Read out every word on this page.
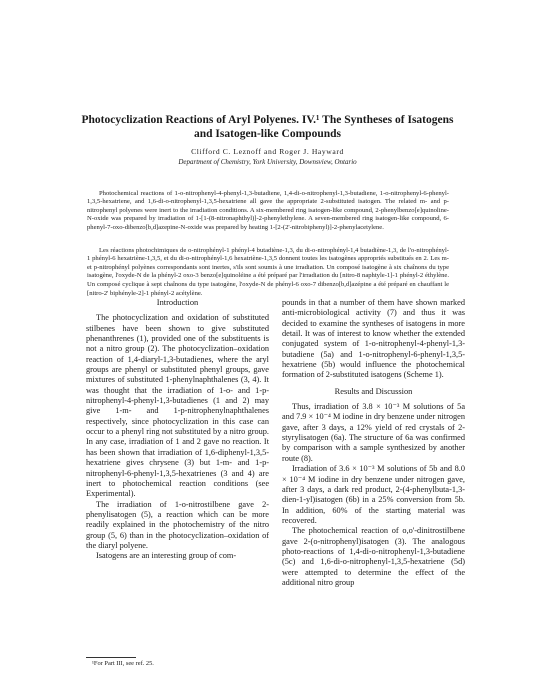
Photocyclization Reactions of Aryl Polyenes. IV.¹ The Syntheses of Isatogens
and Isatogen-like Compounds
Clifford C. Leznoff and Roger J. Hayward
Department of Chemistry, York University, Downsview, Ontario

Photochemical reactions of 1-o-nitrophenyl-4-phenyl-1,3-butadiene, 1,4-di-o-nitrophenyl-1,3-butadiene, 1-o-nitrophenyl-6-phenyl-1,3,5-hexatriene, and 1,6-di-o-nitrophenyl-1,3,5-hexatriene all gave the appropriate 2-substituted isatogen. The related m- and p-nitrophenyl polyenes were inert to the irradiation conditions. A six-membered ring isatogen-like compound, 2-phenylbenzo[e]quinoline-N-oxide was prepared by irradiation of 1-[1-(8-nitronaphthyl)]-2-phenylethylene. A seven-membered ring isatogen-like compound, 6-phenyl-7-oxo-dibenzo[b,d]azepine-N-oxide was prepared by heating 1-[2-(2'-nitrobiphenyl)]-2-phenylacetylene.

Les réactions photochimiques de o-nitrophényl-1 phényl-4 butadiène-1,3, du di-o-nitrophényl-1,4 butadiène-1,3, de l'o-nitrophényl-1 phényl-6 hexatriène-1,3,5, et du di-o-nitrophényl-1,6 hexatriène-1,3,5 donnent toutes les isatogènes appropriés substitués en 2. Les m- et p-nitrophényl polyènes correspondants sont inertes, s'ils sont soumis à une irradiation. Un composé isatogène à six chaînons du type isatogène, l'oxyde-N de la phényl-2 oxo-3 benzo[e]quinoléine a été préparé par l'irradiation du [nitro-8 naphtyle-1]-1 phényl-2 éthylène. Un composé cyclique à sept chaînons du type isatogène, l'oxyde-N de phényl-6 oxo-7 dibenzo[b,d]azépine a été préparé en chauffant le [nitro-2' biphényle-2]-1 phényl-2 acétylène.

Introduction

The photocyclization and oxidation of substituted stilbenes have been shown to give substituted phenanthrenes (1), provided one of the substituents is not a nitro group (2). The photocyclization–oxidation reaction of 1,4-diaryl-1,3-butadienes, where the aryl groups are phenyl or substituted phenyl groups, gave mixtures of substituted 1-phenylnaphthalenes (3, 4). It was thought that the irradiation of 1-o- and 1-p-nitrophenyl-4-phenyl-1,3-butadienes (1 and 2) may give 1-m- and 1-p-nitrophenylnaphthalenes respectively, since photocyclization in this case can occur to a phenyl ring not substituted by a nitro group. In any case, irradiation of 1 and 2 gave no reaction. It has been shown that irradiation of 1,6-diphenyl-1,3,5-hexatriene gives chrysene (3) but 1-m- and 1-p-nitrophenyl-6-phenyl-1,3,5-hexatrienes (3 and 4) are inert to photochemical reaction conditions (see Experimental).

The irradiation of 1-o-nitrostilbene gave 2-phenylisatogen (5), a reaction which can be more readily explained in the photochemistry of the nitro group (5, 6) than in the photocyclization–oxidation of the diaryl polyene.

Isatogens are an interesting group of com-

pounds in that a number of them have shown marked anti-microbiological activity (7) and thus it was decided to examine the syntheses of isatogens in more detail. It was of interest to know whether the extended conjugated system of 1-o-nitrophenyl-4-phenyl-1,3-butadiene (5a) and 1-o-nitrophenyl-6-phenyl-1,3,5-hexatriene (5b) would influence the photochemical formation of 2-substituted isatogens (Scheme 1).

Results and Discussion

Thus, irradiation of 3.8 × 10⁻³ M solutions of 5a and 7.9 × 10⁻⁴ M iodine in dry benzene under nitrogen gave, after 3 days, a 12% yield of red crystals of 2-styrylisatogen (6a). The structure of 6a was confirmed by comparison with a sample synthesized by another route (8).

Irradiation of 3.6 × 10⁻³ M solutions of 5b and 8.0 × 10⁻⁴ M iodine in dry benzene under nitrogen gave, after 3 days, a dark red product, 2-(4-phenylbuta-1,3-dien-1-yl)isatogen (6b) in a 25% conversion from 5b. In addition, 60% of the starting material was recovered.

The photochemical reaction of o,o'-dinitrostilbene gave 2-(o-nitrophenyl)isatogen (3). The analogous photo-reactions of 1,4-di-o-nitrophenyl-1,3-butadiene (5c) and 1,6-di-o-nitrophenyl-1,3,5-hexatriene (5d) were attempted to determine the effect of the additional nitro group

¹For Part III, see ref. 25.
